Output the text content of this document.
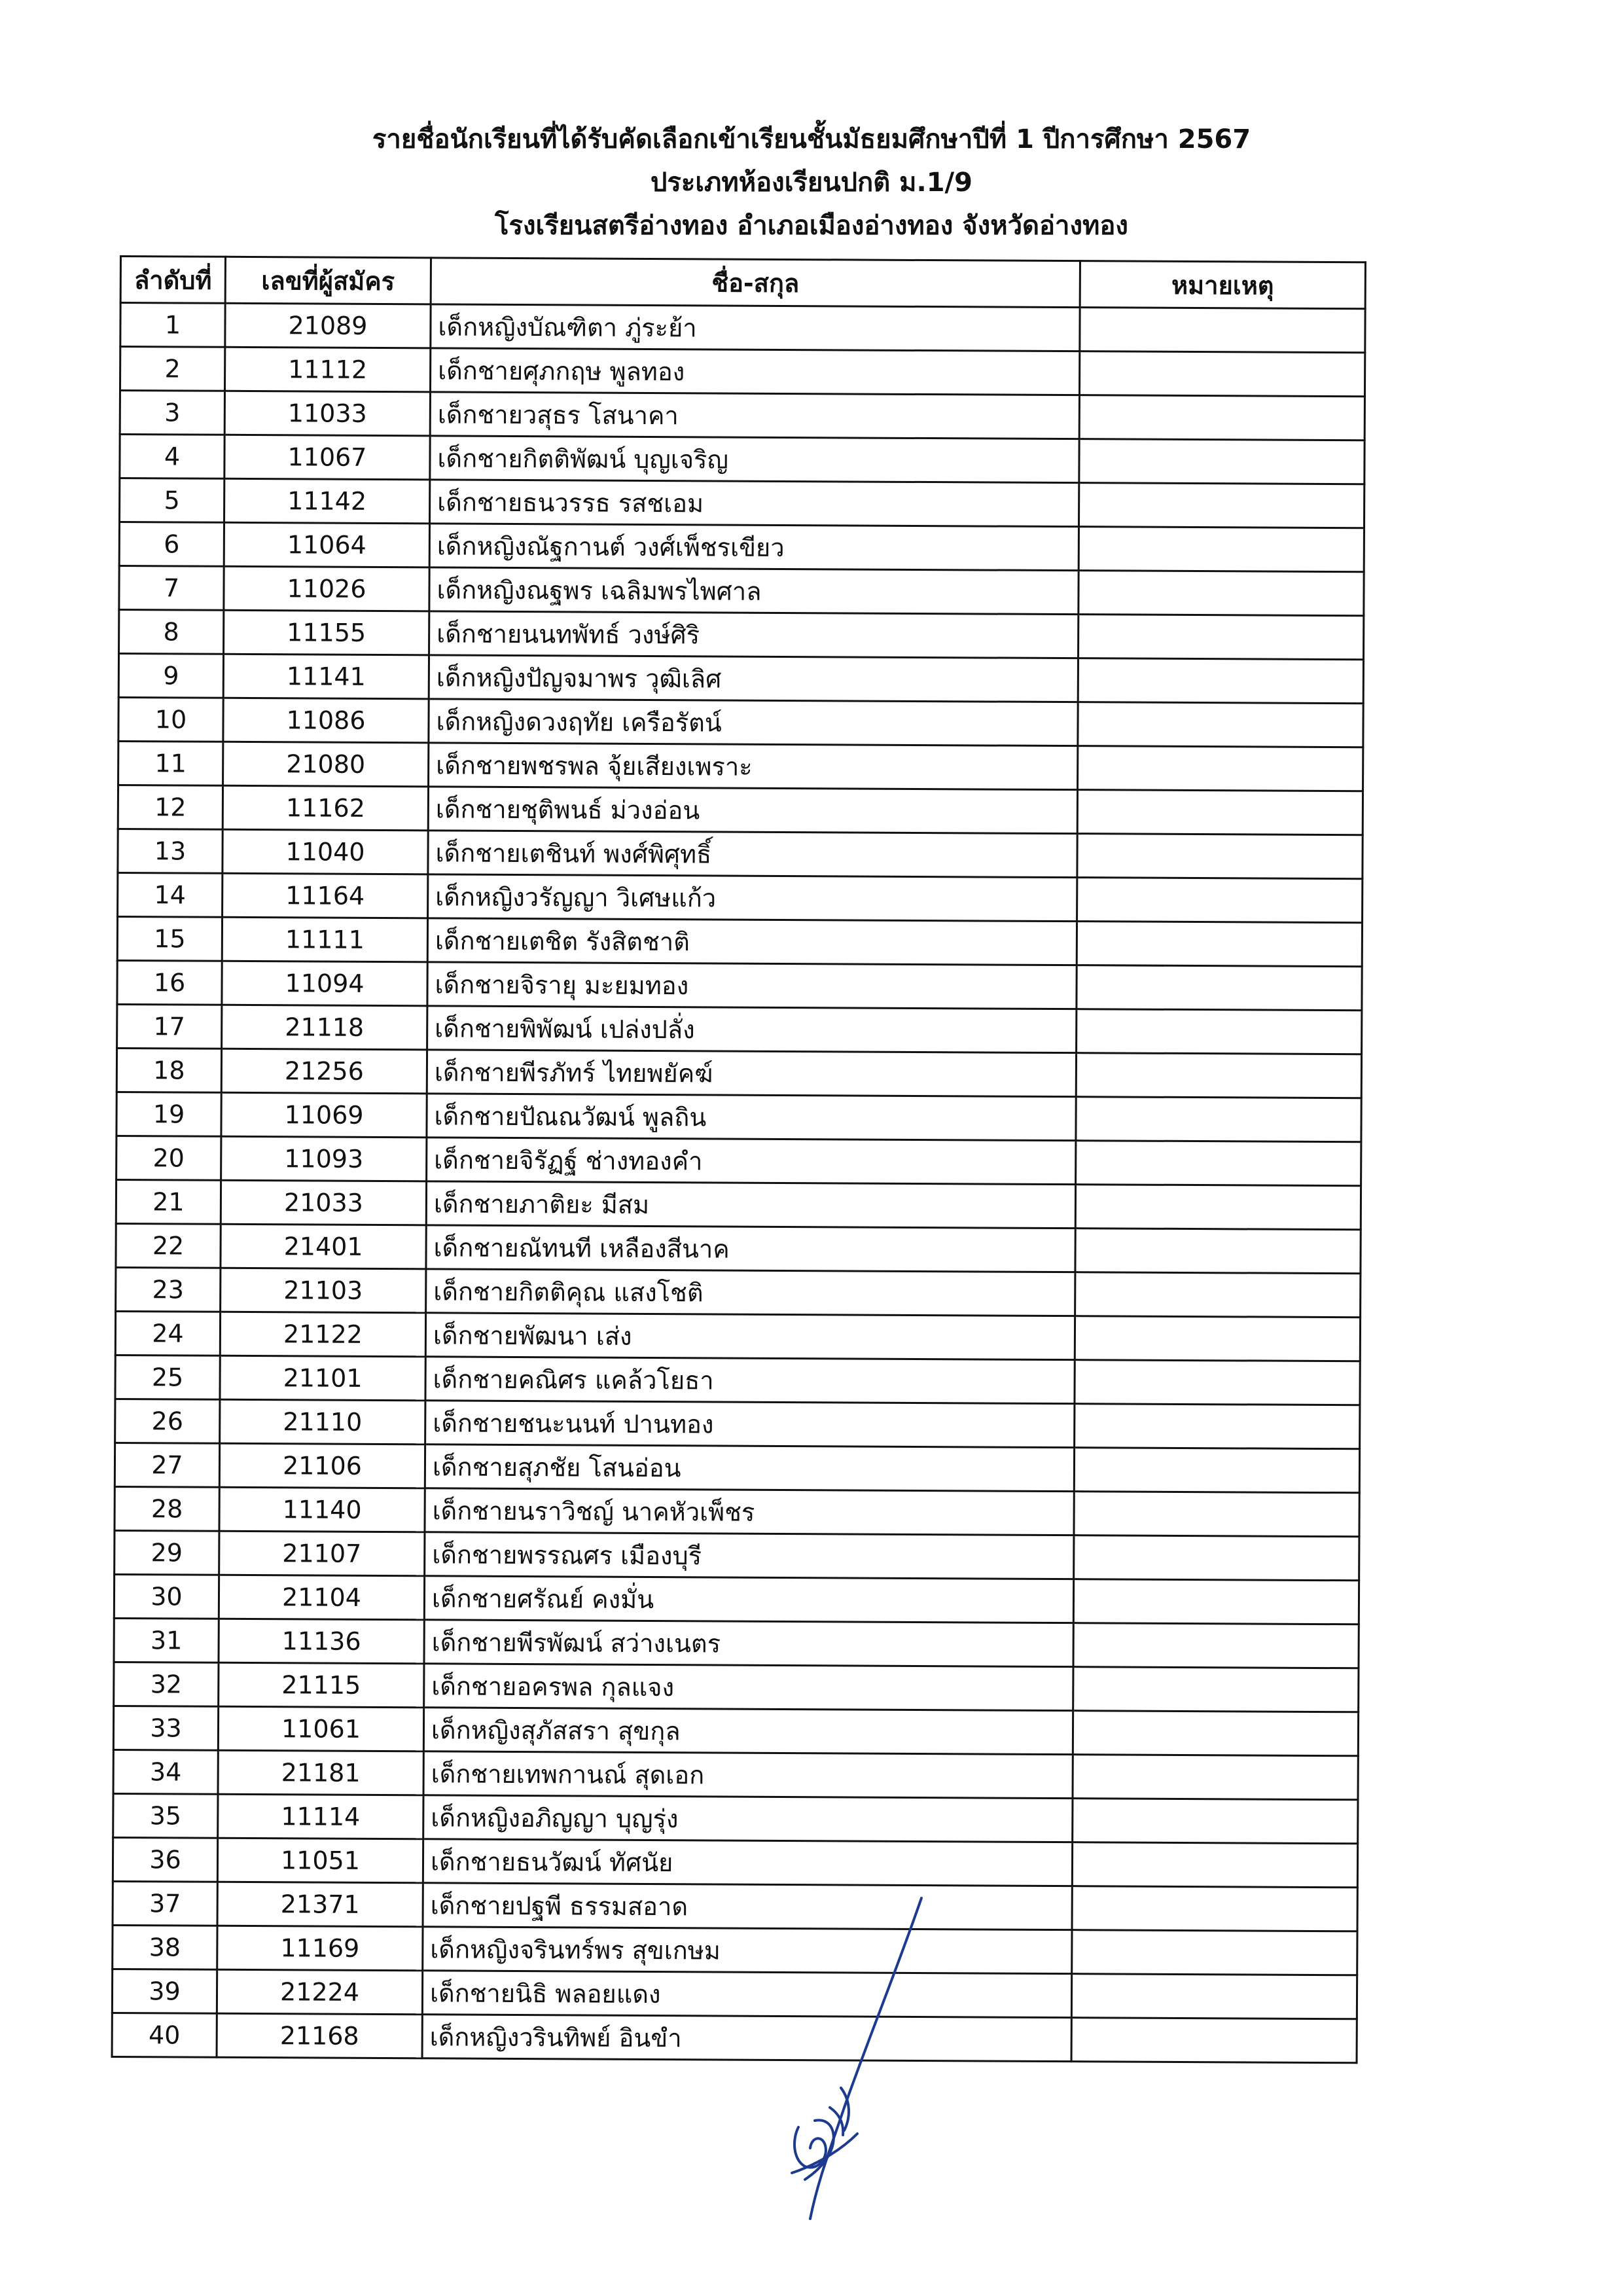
รายชื่อนักเรียนที่ได้รับคัดเลือกเข้าเรียนชั้นมัธยมศึกษาปีที่ 1 ปีการศึกษา 2567
ประเภทห้องเรียนปกติ ม.1/9
โรงเรียนสตรีอ่างทอง อำเภอเมืองอ่างทอง จังหวัดอ่างทอง
ลำดับที่	เลขที่ผู้สมัคร	ชื่อ-สกุล	หมายเหตุ
1	21089	เด็กหญิงบัณฑิตา ภู่ระย้า	
2	11112	เด็กชายศุภกฤษ พูลทอง	
3	11033	เด็กชายวสุธร โสนาคา	
4	11067	เด็กชายกิตติพัฒน์ บุญเจริญ	
5	11142	เด็กชายธนวรรธ รสชเอม	
6	11064	เด็กหญิงณัฐกานต์ วงศ์เพ็ชรเขียว	
7	11026	เด็กหญิงณฐพร เฉลิมพรไพศาล	
8	11155	เด็กชายนนทพัทธ์ วงษ์ศิริ	
9	11141	เด็กหญิงปัญจมาพร วุฒิเลิศ	
10	11086	เด็กหญิงดวงฤทัย เครือรัตน์	
11	21080	เด็กชายพชรพล จุ้ยเสียงเพราะ	
12	11162	เด็กชายชุติพนธ์ ม่วงอ่อน	
13	11040	เด็กชายเตชินท์ พงศ์พิศุทธิ์	
14	11164	เด็กหญิงวรัญญา วิเศษแก้ว	
15	11111	เด็กชายเตชิต รังสิตชาติ	
16	11094	เด็กชายจิรายุ มะยมทอง	
17	21118	เด็กชายพิพัฒน์ เปล่งปลั่ง	
18	21256	เด็กชายพีรภัทร์ ไทยพยัคฆ์	
19	11069	เด็กชายปัณณวัฒน์ พูลถิน	
20	11093	เด็กชายจิรัฏฐ์ ช่างทองคำ	
21	21033	เด็กชายภาติยะ มีสม	
22	21401	เด็กชายณัทนที เหลืองสีนาค	
23	21103	เด็กชายกิตติคุณ แสงโชติ	
24	21122	เด็กชายพัฒนา เส่ง	
25	21101	เด็กชายคณิศร แคล้วโยธา	
26	21110	เด็กชายชนะนนท์ ปานทอง	
27	21106	เด็กชายสุภชัย โสนอ่อน	
28	11140	เด็กชายนราวิชญ์ นาคหัวเพ็ชร	
29	21107	เด็กชายพรรณศร เมืองบุรี	
30	21104	เด็กชายศรัณย์ คงมั่น	
31	11136	เด็กชายพีรพัฒน์ สว่างเนตร	
32	21115	เด็กชายอครพล กุลแจง	
33	11061	เด็กหญิงสุภัสสรา สุขกุล	
34	21181	เด็กชายเทพกานณ์ สุดเอก	
35	11114	เด็กหญิงอภิญญา บุญรุ่ง	
36	11051	เด็กชายธนวัฒน์ ทัศนัย	
37	21371	เด็กชายปฐพี ธรรมสอาด	
38	11169	เด็กหญิงจรินทร์พร สุขเกษม	
39	21224	เด็กชายนิธิ พลอยแดง	
40	21168	เด็กหญิงวรินทิพย์ อินขำ	
